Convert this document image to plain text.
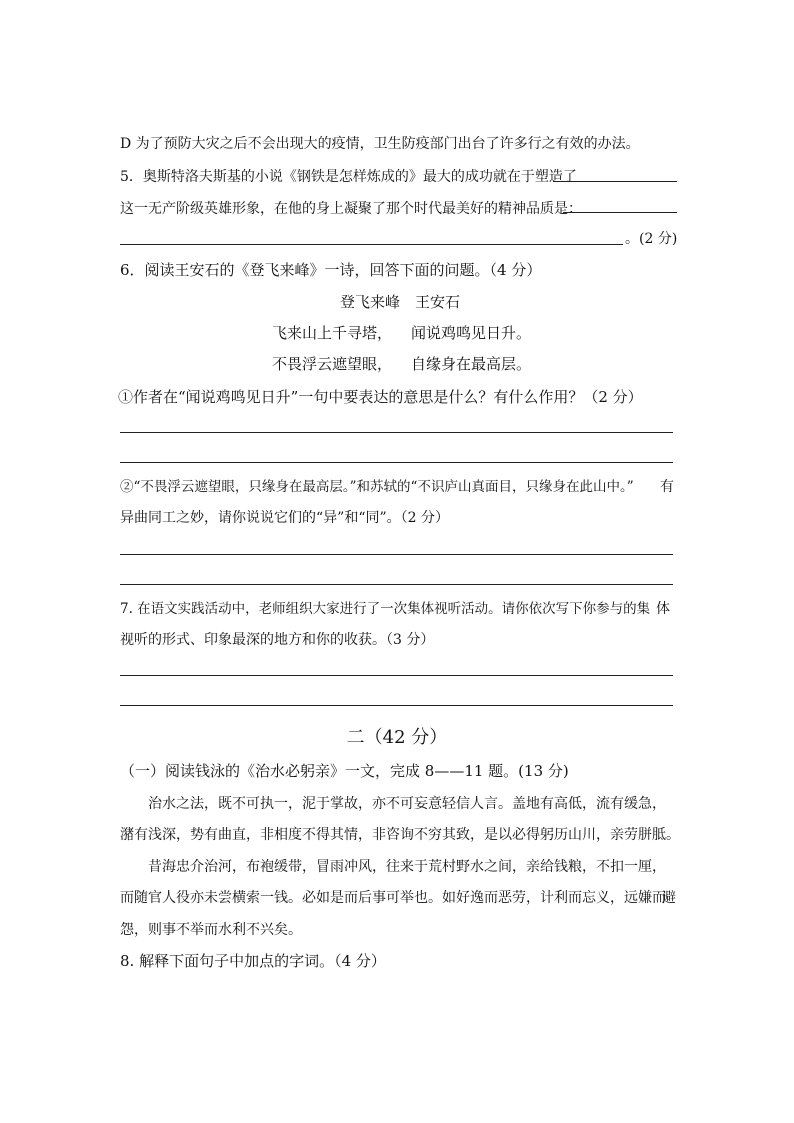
D 为了预防大灾之后不会出现大的疫情，卫生防疫部门出台了许多行之有效的办法。
5．奥斯特洛夫斯基的小说《钢铁是怎样炼成的》最大的成功就在于塑造了
这一无产阶级英雄形象，在他的身上凝聚了那个时代最美好的精神品质是：
。(2 分)
6．阅读王安石的《登飞来峰》一诗，回答下面的问题。（4 分）
登飞来峰　王安石
飞来山上千寻塔， 闻说鸡鸣见日升。
不畏浮云遮望眼， 自缘身在最高层。
①作者在“闻说鸡鸣见日升”一句中要表达的意思是什么？有什么作用？（2 分）
②“不畏浮云遮望眼，只缘身在最高层。”和苏轼的“不识庐山真面目，只缘身在此山中。” 有
异曲同工之妙，请你说说它们的“异”和“同”。（2 分）
7. 在语文实践活动中，老师组织大家进行了一次集体视听活动。请你依次写下你参与的集 体
视听的形式、印象最深的地方和你的收获。（3 分）
二（42 分）
（一）阅读钱泳的《治水必躬亲》一文，完成 8——11 题。(13 分)
治水之法，既不可执一，泥于掌故，亦不可妄意轻信人言。盖地有高低，流有缓急，
潴有浅深，势有曲直，非相度不得其情，非咨询不穷其致，是以必得躬历山川，亲劳胼胝。
昔海忠介治河，布袍缓带，冒雨冲风，往来于荒村野水之间，亲给钱粮，不扣一厘，
而随官人役亦未尝横索一钱。必如是而后事可举也。如好逸而恶劳，计利而忘义，远嫌而
避
怨，则事不举而水利不兴矣。
8. 解释下面句子中加点的字词。（4 分）
